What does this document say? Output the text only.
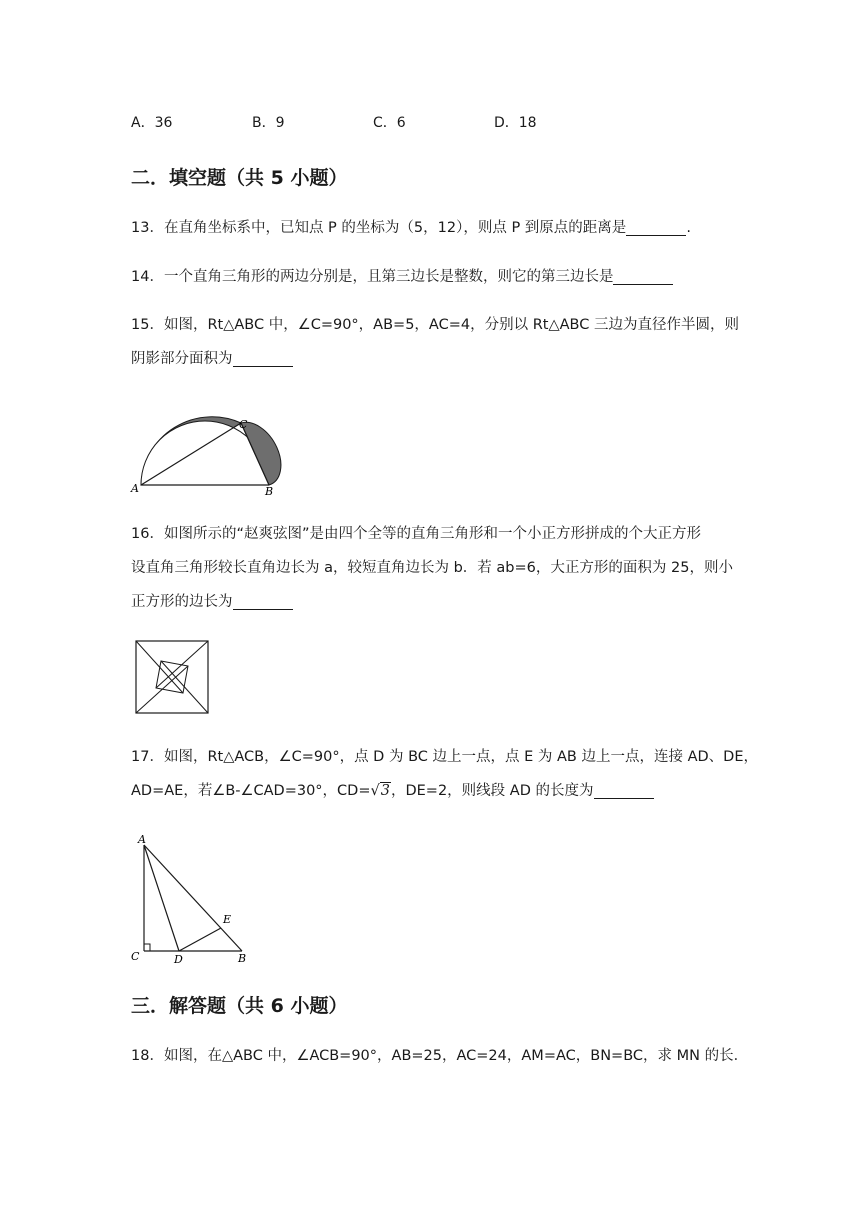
A．36	B．9	C．6	D．18
二．填空题（共 5 小题）
13．在直角坐标系中，已知点 P 的坐标为（5，12），则点 P 到原点的距离是	.
14．一个直角三角形的两边分别是，且第三边长是整数，则它的第三边长是
15．如图，Rt△ABC 中，∠C=90°，AB=5，AC=4，分别以 Rt△ABC 三边为直径作半圆，则
阴影部分面积为
A	B
C
16．如图所示的“赵爽弦图”是由四个全等的直角三角形和一个小正方形拼成的个大正方形
设直角三角形较长直角边长为 a，较短直角边长为 b．若 ab=6，大正方形的面积为 25，则小
正方形的边长为
17．如图，Rt△ACB，∠C=90°，点 D 为 BC 边上一点，点 E 为 AB 边上一点，连接 AD、DE，
AD=AE，若∠B-∠CAD=30°，CD=√3，DE=2，则线段 AD 的长度为
A
C	D
E
B
三．解答题（共 6 小题）
18．如图，在△ABC 中，∠ACB=90°，AB=25，AC=24，AM=AC，BN=BC，求 MN 的长．
